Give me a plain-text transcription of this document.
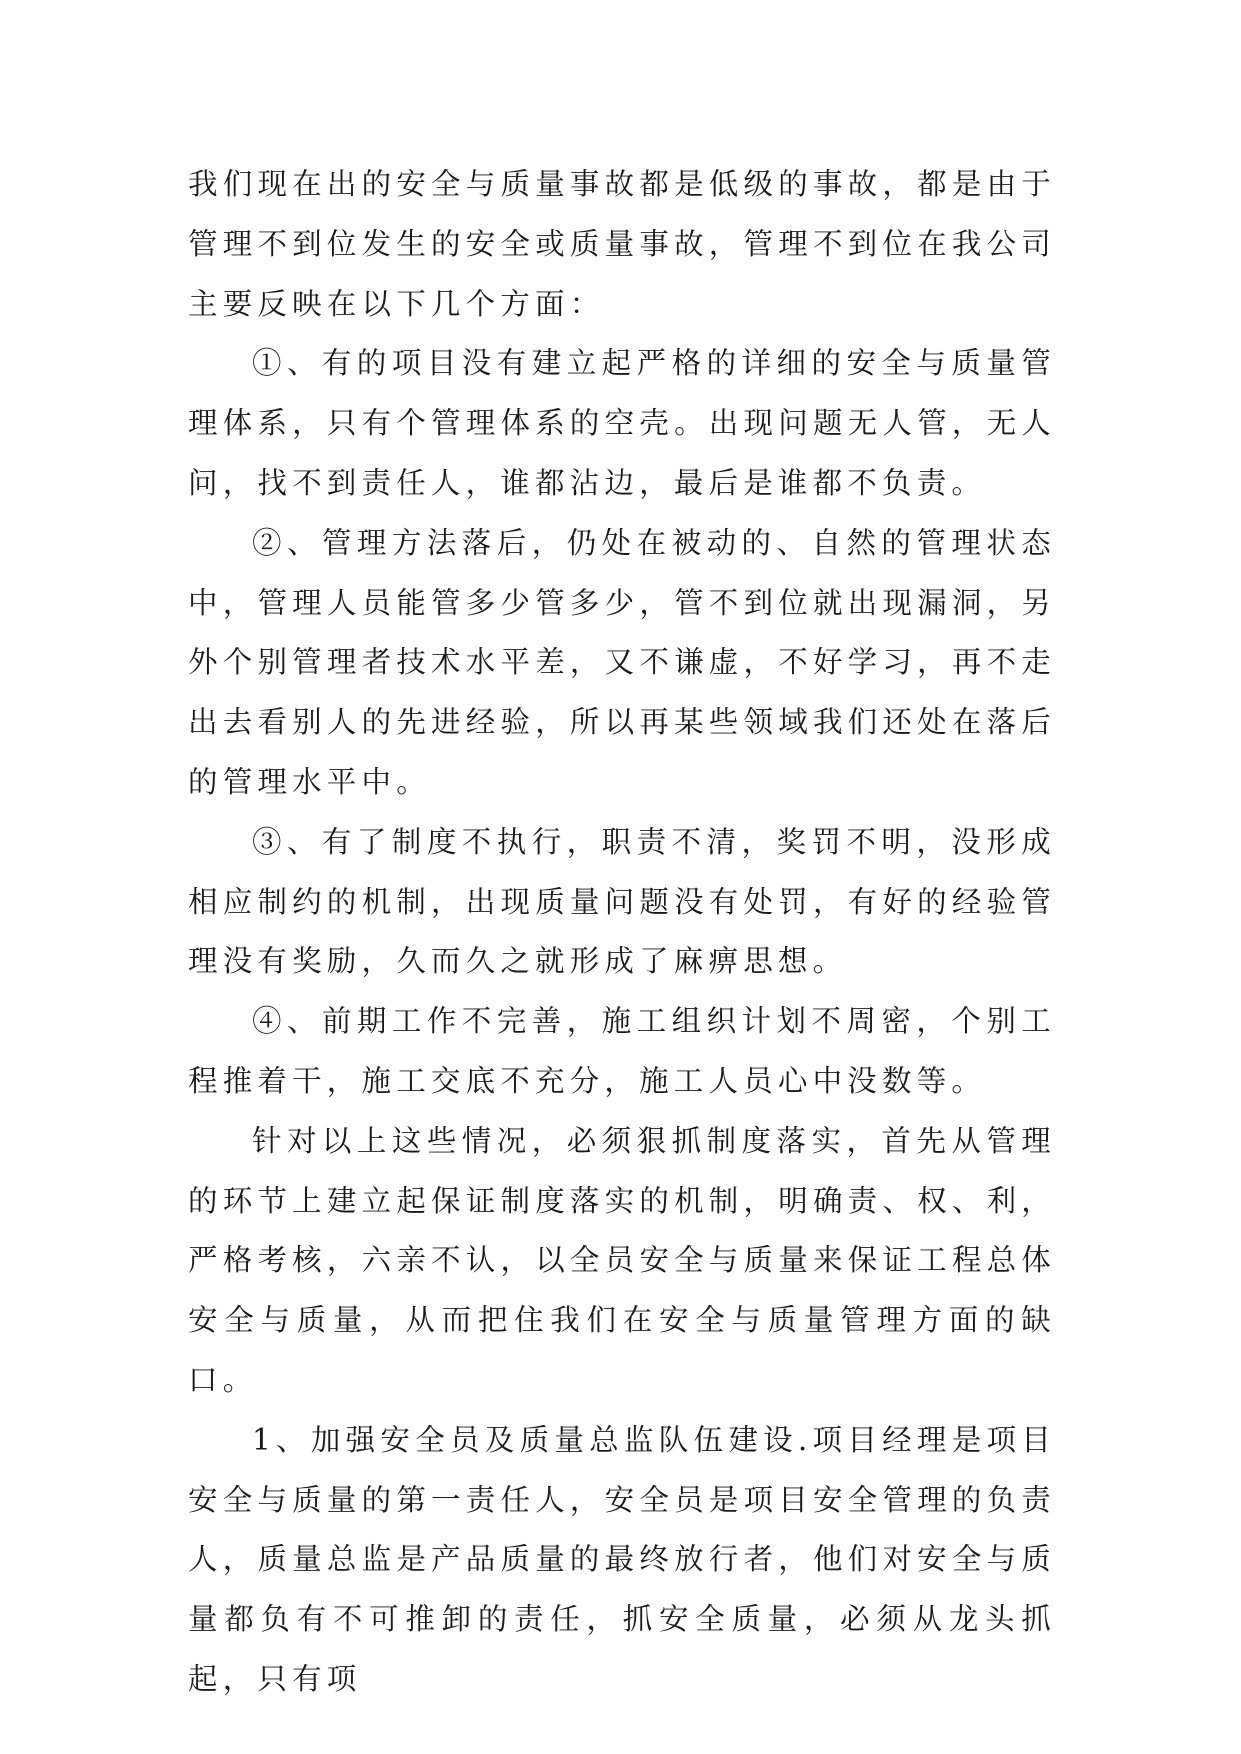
我们现在出的安全与质量事故都是低级的事故，都是由于管理不到位发生的安全或质量事故，管理不到位在我公司主要反映在以下几个方面：

①、有的项目没有建立起严格的详细的安全与质量管理体系，只有个管理体系的空壳。出现问题无人管，无人问，找不到责任人，谁都沾边，最后是谁都不负责。

②、管理方法落后，仍处在被动的、自然的管理状态中，管理人员能管多少管多少，管不到位就出现漏洞，另外个别管理者技术水平差，又不谦虚，不好学习，再不走出去看别人的先进经验，所以再某些领域我们还处在落后的管理水平中。

③、有了制度不执行，职责不清，奖罚不明，没形成相应制约的机制，出现质量问题没有处罚，有好的经验管理没有奖励，久而久之就形成了麻痹思想。

④、前期工作不完善，施工组织计划不周密，个别工程推着干，施工交底不充分，施工人员心中没数等。

针对以上这些情况，必须狠抓制度落实，首先从管理的环节上建立起保证制度落实的机制，明确责、权、利，严格考核，六亲不认，以全员安全与质量来保证工程总体安全与质量，从而把住我们在安全与质量管理方面的缺口。

1、加强安全员及质量总监队伍建设.项目经理是项目安全与质量的第一责任人，安全员是项目安全管理的负责人，质量总监是产品质量的最终放行者，他们对安全与质量都负有不可推卸的责任，抓安全质量，必须从龙头抓起，只有项
